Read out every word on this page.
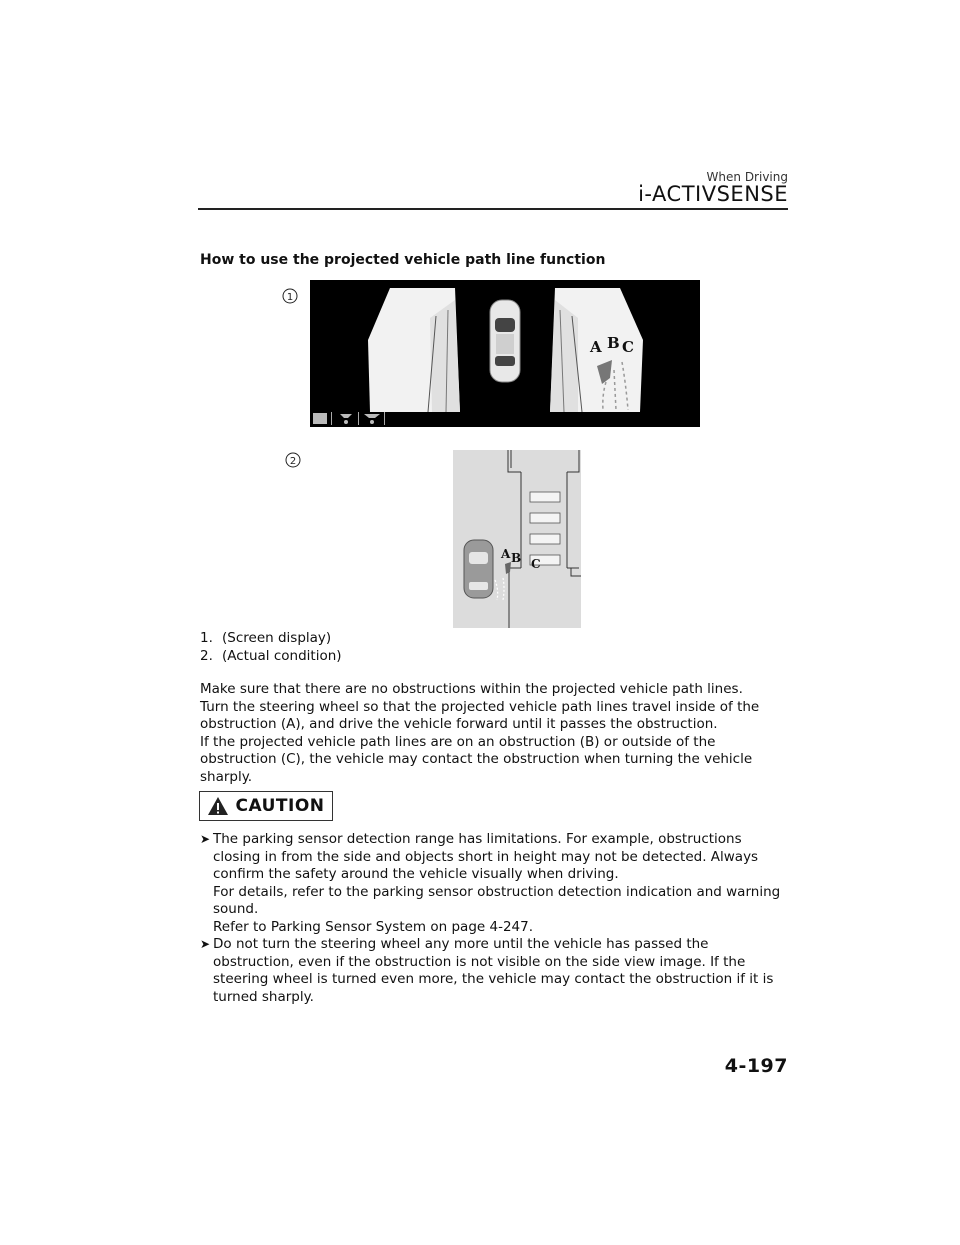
When Driving
i-ACTIVSENSE
How to use the projected vehicle path line function
1
A B C
2
A B C
1. (Screen display)
2. (Actual condition)

Make sure that there are no obstructions within the projected vehicle path lines.

Turn the steering wheel so that the projected vehicle path lines travel inside of the obstruction (A), and drive the vehicle forward until it passes the obstruction.

If the projected vehicle path lines are on an obstruction (B) or outside of the obstruction (C), the vehicle may contact the obstruction when turning the vehicle sharply.

CAUTION
➤ The parking sensor detection range has limitations. For example, obstructions closing in from the side and objects short in height may not be detected. Always confirm the safety around the vehicle visually when driving.

For details, refer to the parking sensor obstruction detection indication and warning sound.

Refer to Parking Sensor System on page 4-247.

➤ Do not turn the steering wheel any more until the vehicle has passed the obstruction, even if the obstruction is not visible on the side view image. If the steering wheel is turned even more, the vehicle may contact the obstruction if it is turned sharply.

4-197
